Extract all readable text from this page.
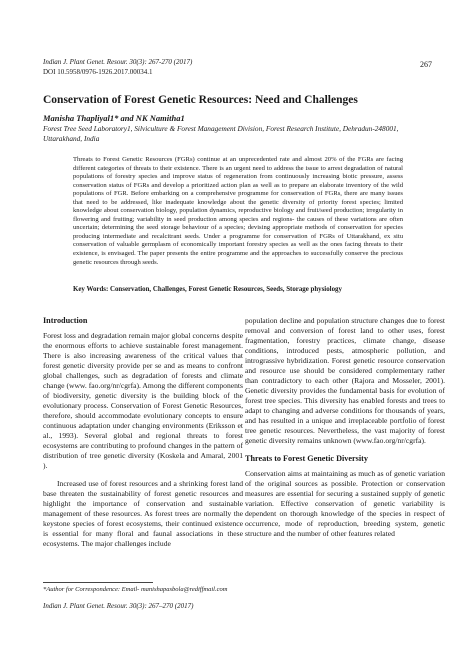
Indian J. Plant Genet. Resour. 30(3): 267-270 (2017)
DOI 10.5958/0976-1926.2017.00034.1
267
Conservation of Forest Genetic Resources: Need and Challenges
Manisha Thapliyal1* and NK Namitha1
Forest Tree Seed Laboratory1, Silviculture & Forest Management Division, Forest Research Institute, Dehradun-248001, Uttarakhand, India
Threats to Forest Genetic Resources (FGRs) continue at an unprecedented rate and almost 20% of the FGRs are facing different categories of threats to their existence. There is an urgent need to address the issue to arrest degradation of natural populations of forestry species and improve status of regeneration from continuously increasing biotic pressure, assess conservation status of FGRs and develop a prioritized action plan as well as to prepare an elaborate inventory of the wild populations of FGR. Before embarking on a comprehensive programme for conservation of FGRs, there are many issues that need to be addressed, like inadequate knowledge about the genetic diversity of priority forest species; limited knowledge about conservation biology, population dynamics, reproductive biology and fruit/seed production; irregularity in flowering and fruiting; variability in seed production among species and regions- the causes of these variations are often uncertain; determining the seed storage behaviour of a species; devising appropriate methods of conservation for species producing intermediate and recalcitrant seeds. Under a programme for conservation of FGRs of Uttarakhand, ex situ conservation of valuable germplasm of economically important forestry species as well as the ones facing threats to their existence, is envisaged. The paper presents the entire programme and the approaches to successfully conserve the precious genetic resources through seeds.
Key Words: Conservation, Challenges, Forest Genetic Resources, Seeds, Storage physiology

Introduction

Forest loss and degradation remain major global concerns despite the enormous efforts to achieve sustainable forest management. There is also increasing awareness of the critical values that forest genetic diversity provide per se and as means to confront global challenges, such as degradation of forests and climate change (www. fao.org/nr/cgrfa). Among the different components of biodiversity, genetic diversity is the building block of the evolutionary process. Conservation of Forest Genetic Resources, therefore, should accommodate evolutionary concepts to ensure continuous adaptation under changing environments (Eriksson et al., 1993). Several global and regional threats to forest ecosystems are contributing to profound changes in the pattern of distribution of tree genetic diversity (Koskela and Amaral, 2001 ).

Increased use of forest resources and a shrinking forest land base threaten the sustainability of forest genetic resources and highlight the importance of conservation and sustainable management of these resources. As forest trees are normally the keystone species of forest ecosystems, their continued existence is essential for many floral and faunal associations in these ecosystems. The major challenges include

population decline and population structure changes due to forest removal and conversion of forest land to other uses, forest fragmentation, forestry practices, climate change, disease conditions, introduced pests, atmospheric pollution, and intrograssive hybridization. Forest genetic resource conservation and resource use should be considered complementary rather than contradictory to each other (Rajora and Mosseler, 2001). Genetic diversity provides the fundamental basis for evolution of forest tree species. This diversity has enabled forests and trees to adapt to changing and adverse conditions for thousands of years, and has resulted in a unique and irreplaceable portfolio of forest tree genetic resources. Nevertheless, the vast majority of forest genetic diversity remains unknown (www.fao.org/nr/cgrfa).

Threats to Forest Genetic Diversity

Conservation aims at maintaining as much as of genetic variation of the original sources as possible. Protection or conservation measures are essential for securing a sustained supply of genetic variation. Effective conservation of genetic variability is dependent on thorough knowledge of the species in respect of occurrence, mode of reproduction, breeding system, genetic structure and the number of other features related

*Author for Correspondence: Email- manishapasbola@rediffmail.com
Indian J. Plant Genet. Resour. 30(3): 267–270 (2017)
